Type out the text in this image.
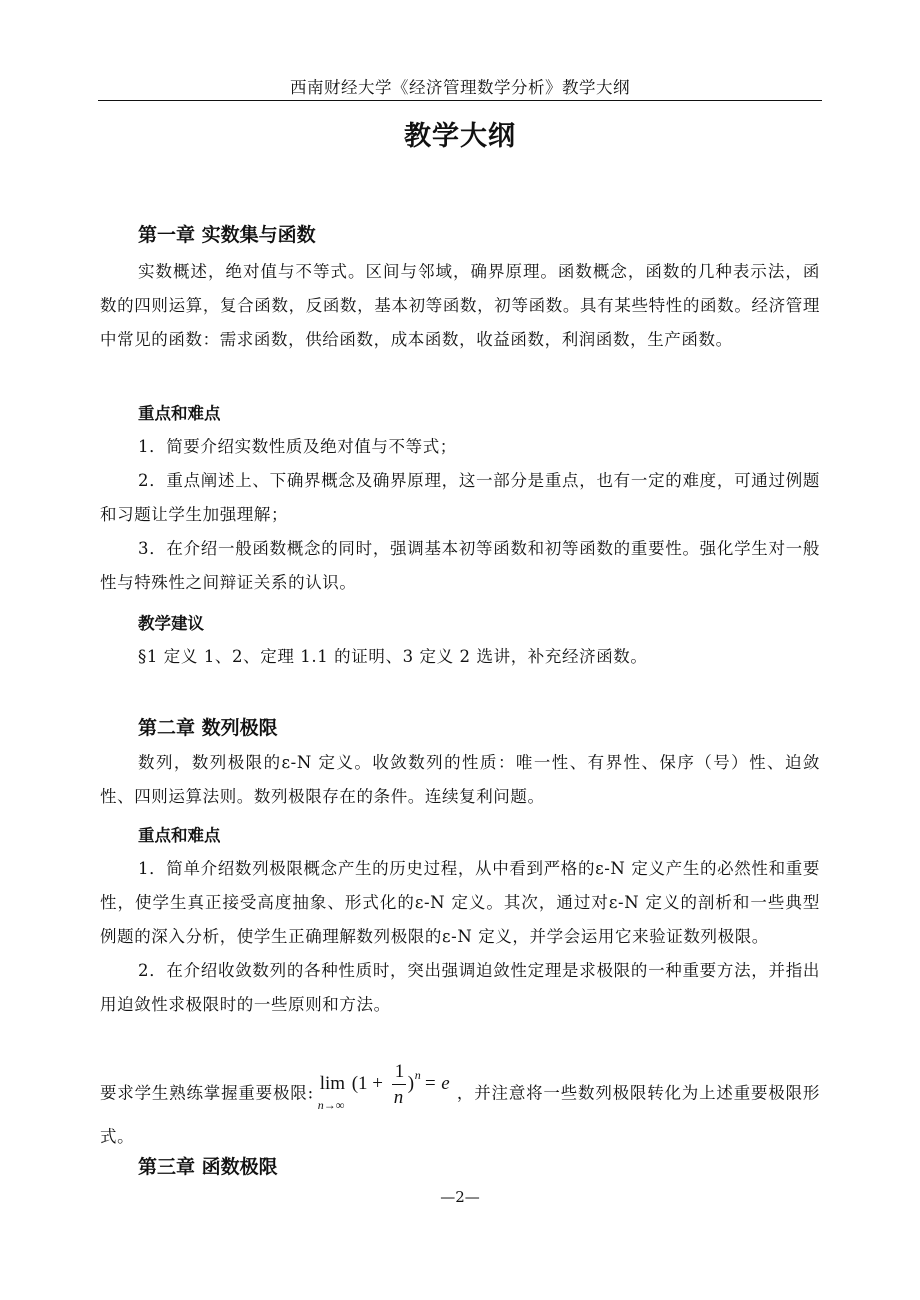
西南财经大学《经济管理数学分析》教学大纲
教学大纲
第一章 实数集与函数

实数概述，绝对值与不等式。区间与邻域，确界原理。函数概念，函数的几种表示法，函数的四则运算，复合函数，反函数，基本初等函数，初等函数。具有某些特性的函数。经济管理中常见的函数：需求函数，供给函数，成本函数，收益函数，利润函数，生产函数。

重点和难点

1．简要介绍实数性质及绝对值与不等式；

2．重点阐述上、下确界概念及确界原理，这一部分是重点，也有一定的难度，可通过例题和习题让学生加强理解；

3．在介绍一般函数概念的同时，强调基本初等函数和初等函数的重要性。强化学生对一般性与特殊性之间辩证关系的认识。

教学建议

§1 定义 1、2、定理 1.1 的证明、3 定义 2 选讲，补充经济函数。

第二章 数列极限

数列，数列极限的ε-N 定义。收敛数列的性质：唯一性、有界性、保序（号）性、迫敛性、四则运算法则。数列极限存在的条件。连续复利问题。

重点和难点

1．简单介绍数列极限概念产生的历史过程，从中看到严格的ε-N 定义产生的必然性和重要性，使学生真正接受高度抽象、形式化的ε-N 定义。其次，通过对ε-N 定义的剖析和一些典型例题的深入分析，使学生正确理解数列极限的ε-N 定义，并学会运用它来验证数列极限。

2．在介绍收敛数列的各种性质时，突出强调迫敛性定理是求极限的一种重要方法，并指出用迫敛性求极限时的一些原则和方法。

要求学生熟练掌握重要极限: lim
n→∞
(1 +
1
n
) n = e ，并注意将一些数列极限转化为上述重要极限形式。

第三章 函数极限
—2—
